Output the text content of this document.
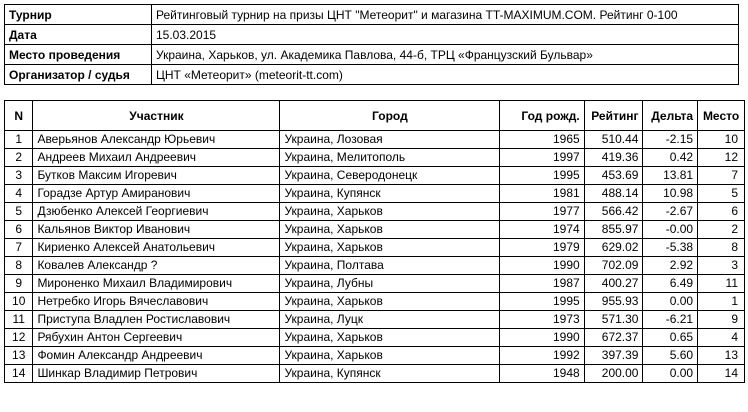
Турнир	Рейтинговый турнир на призы ЦНТ "Метеорит" и магазина TT-MAXIMUM.COM. Рейтинг 0-100
Дата	15.03.2015
Место проведения	Украина, Харьков, ул. Академика Павлова, 44-б, ТРЦ «Французский Бульвар»
Организатор / судья	ЦНТ «Метеорит» (meteorit-tt.com)
N	Участник	Город	Год рожд.	Рейтинг	Дельта	Место
1	Аверьянов Александр Юрьевич	Украина, Лозовая	1965	510.44	-2.15	10
2	Андреев Михаил Андреевич	Украина, Мелитополь	1997	419.36	0.42	12
3	Бутков Максим Игоревич	Украина, Северодонецк	1995	453.69	13.81	7
4	Горадзе Артур Амиранович	Украина, Купянск	1981	488.14	10.98	5
5	Дзюбенко Алексей Георгиевич	Украина, Харьков	1977	566.42	-2.67	6
6	Кальянов Виктор Иванович	Украина, Харьков	1974	855.97	-0.00	2
7	Кириенко Алексей Анатольевич	Украина, Харьков	1979	629.02	-5.38	8
8	Ковалев Александр ?	Украина, Полтава	1990	702.09	2.92	3
9	Мироненко Михаил Владимирович	Украина, Лубны	1987	400.27	6.49	11
10	Нетребко Игорь Вячеславович	Украина, Харьков	1995	955.93	0.00	1
11	Приступа Владлен Ростиславович	Украина, Луцк	1973	571.30	-6.21	9
12	Рябухин Антон Сергеевич	Украина, Харьков	1990	672.37	0.65	4
13	Фомин Александр Андреевич	Украина, Харьков	1992	397.39	5.60	13
14	Шинкар Владимир Петрович	Украина, Купянск	1948	200.00	0.00	14
